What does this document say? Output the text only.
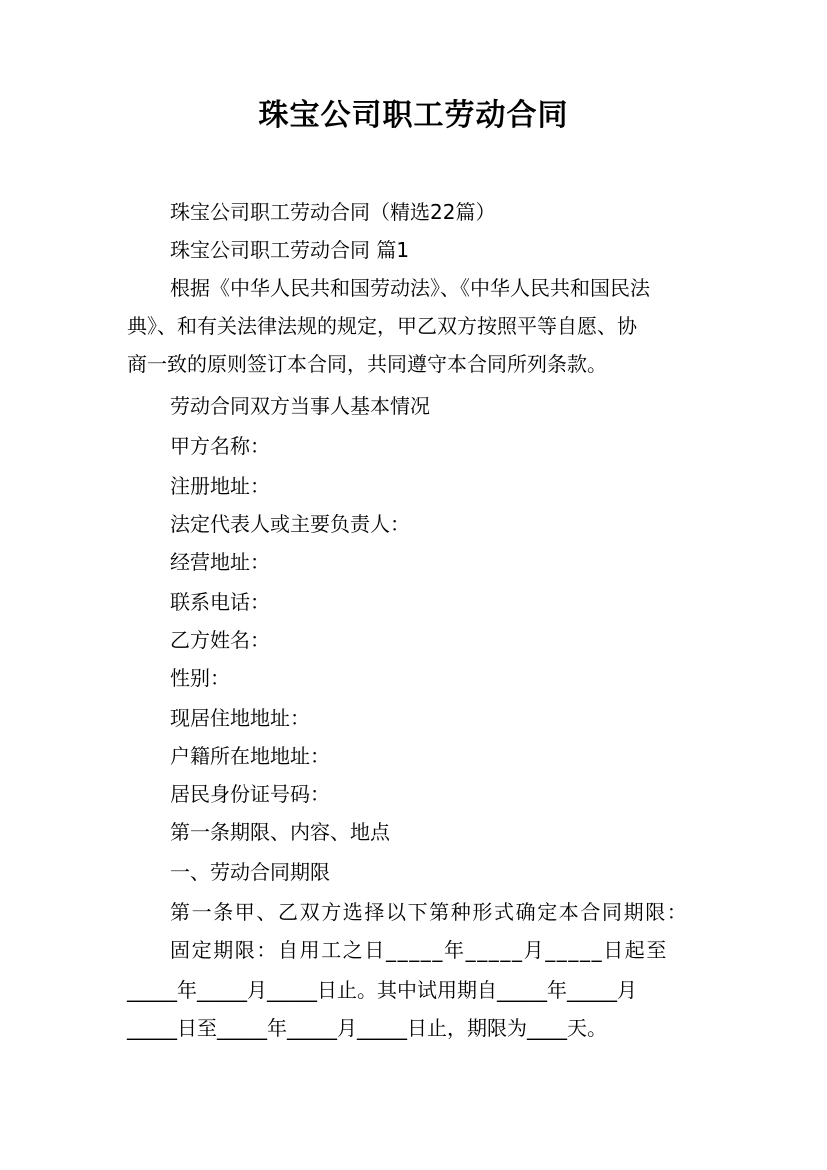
珠宝公司职工劳动合同
珠宝公司职工劳动合同（精选22篇）
珠宝公司职工劳动合同 篇1
根据《中华人民共和国劳动法》、《中华人民共和国民法
典》、和有关法律法规的规定，甲乙双方按照平等自愿、协
商一致的原则签订本合同，共同遵守本合同所列条款。
劳动合同双方当事人基本情况
甲方名称：
注册地址：
法定代表人或主要负责人：
经营地址：
联系电话：
乙方姓名：
性别：
现居住地地址：
户籍所在地地址：
居民身份证号码：
第一条期限、内容、地点
一、劳动合同期限
第一条甲、乙双方选择以下第种形式确定本合同期限：
固定期限：自用工之日_____年_____月_____日起至
_____年_____月_____日止。其中试用期自_____年_____月
_____日至_____年_____月_____日止，期限为____天。
